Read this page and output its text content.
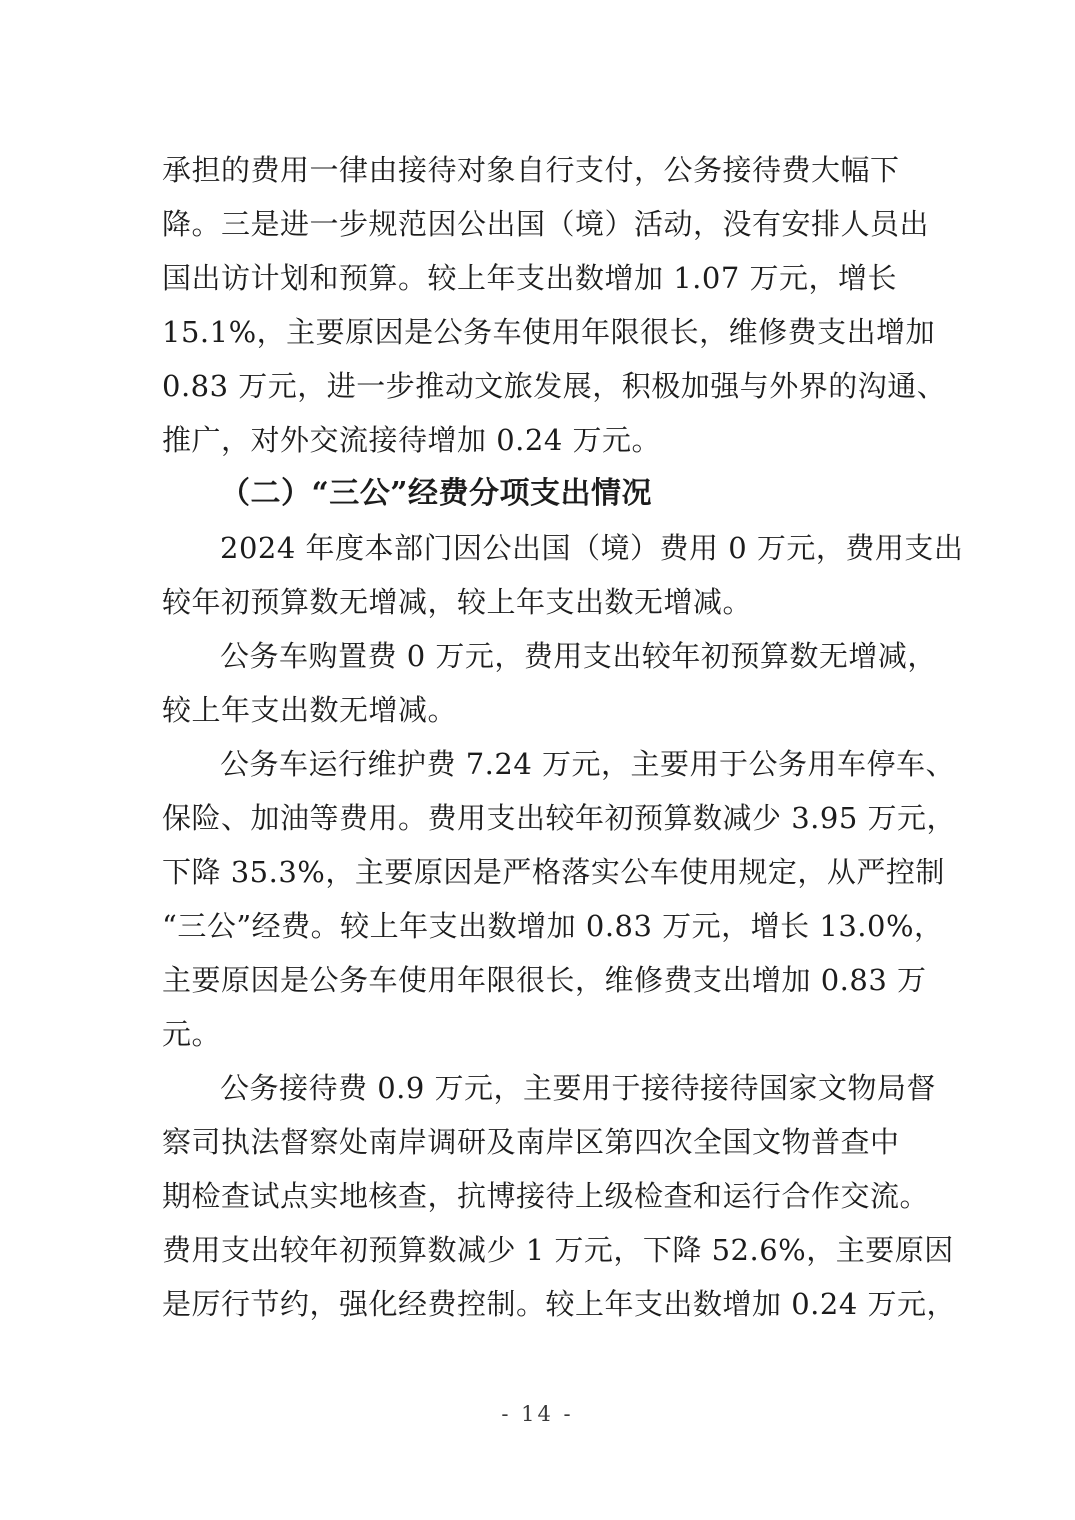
承担的费用一律由接待对象自行支付，公务接待费大幅下

降。三是进一步规范因公出国（境）活动，没有安排人员出

国出访计划和预算。较上年支出数增加 1.07 万元，增长

15.1%，主要原因是公务车使用年限很长，维修费支出增加

0.83 万元，进一步推动文旅发展，积极加强与外界的沟通、

推广，对外交流接待增加 0.24 万元。

（二）“三公”经费分项支出情况

2024 年度本部门因公出国（境）费用 0 万元，费用支出

较年初预算数无增减，较上年支出数无增减。

公务车购置费 0 万元，费用支出较年初预算数无增减，

较上年支出数无增减。

公务车运行维护费 7.24 万元，主要用于公务用车停车、

保险、加油等费用。费用支出较年初预算数减少 3.95 万元，

下降 35.3%，主要原因是严格落实公车使用规定，从严控制

“三公”经费。较上年支出数增加 0.83 万元，增长 13.0%，

主要原因是公务车使用年限很长，维修费支出增加 0.83 万

元。

公务接待费 0.9 万元，主要用于接待接待国家文物局督

察司执法督察处南岸调研及南岸区第四次全国文物普查中

期检查试点实地核查，抗博接待上级检查和运行合作交流。

费用支出较年初预算数减少 1 万元，下降 52.6%，主要原因

是厉行节约，强化经费控制。较上年支出数增加 0.24 万元，

- 14 -
